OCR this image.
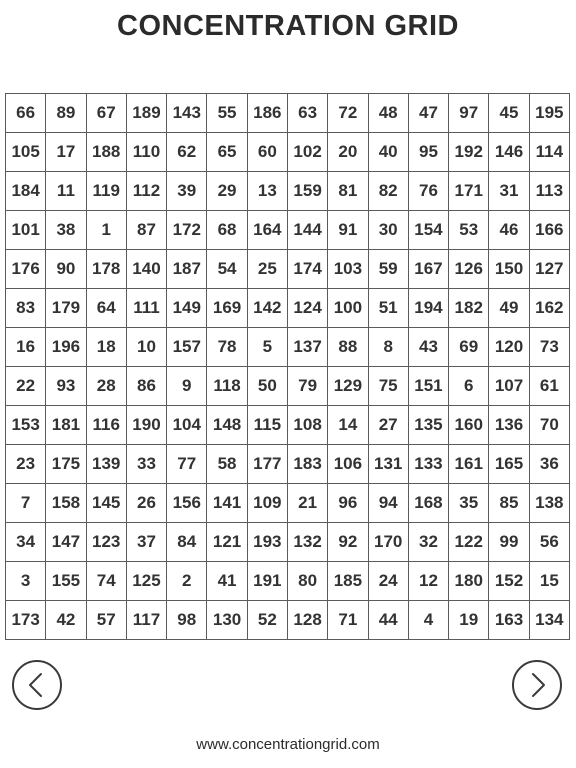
CONCENTRATION GRID
66	89	67	189	143	55	186	63	72	48	47	97	45	195
105	17	188	110	62	65	60	102	20	40	95	192	146	114
184	11	119	112	39	29	13	159	81	82	76	171	31	113
101	38	1	87	172	68	164	144	91	30	154	53	46	166
176	90	178	140	187	54	25	174	103	59	167	126	150	127
83	179	64	111	149	169	142	124	100	51	194	182	49	162
16	196	18	10	157	78	5	137	88	8	43	69	120	73
22	93	28	86	9	118	50	79	129	75	151	6	107	61
153	181	116	190	104	148	115	108	14	27	135	160	136	70
23	175	139	33	77	58	177	183	106	131	133	161	165	36
7	158	145	26	156	141	109	21	96	94	168	35	85	138
34	147	123	37	84	121	193	132	92	170	32	122	99	56
3	155	74	125	2	41	191	80	185	24	12	180	152	15
173	42	57	117	98	130	52	128	71	44	4	19	163	134
www.concentrationgrid.com
